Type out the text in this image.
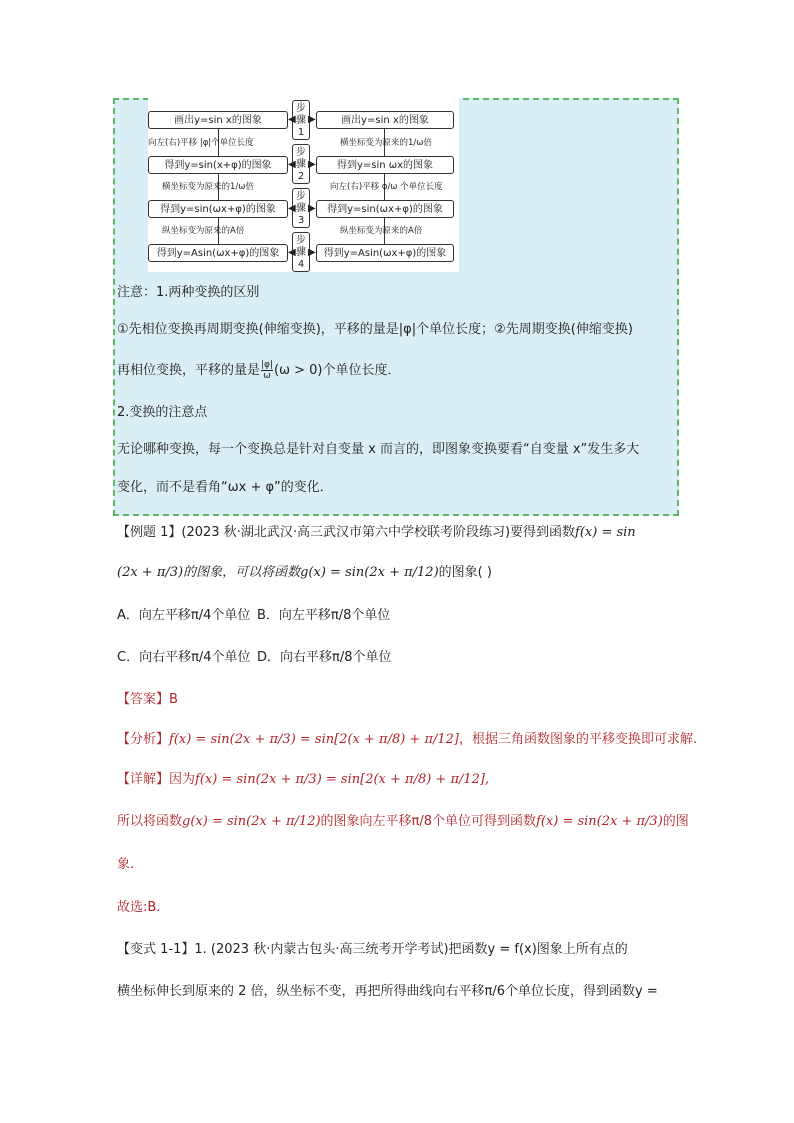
画出y=sin x的图象
得到y=sin(x+φ)的图象
得到y=sin(ωx+φ)的图象
得到y=Asin(ωx+φ)的图象
画出y=sin x的图象
得到y=sin ωx的图象
得到y=sin(ωx+φ)的图象
得到y=Asin(ωx+φ)的图象
向左(右)平移 |φ|个单位长度
横坐标变为原来的1/ω倍
纵坐标变为原来的A倍
横坐标变为原来的1/ω倍
向左(右)平移 φ/ω 个单位长度
纵坐标变为原来的A倍
步骤1
步骤2
步骤3
步骤4
◀ ▶
◀ ▶
◀ ▶
◀ ▶
注意：1.两种变换的区别
①先相位变换再周期变换(伸缩变换)，平移的量是|φ|个单位长度；②先周期变换(伸缩变换)
再相位变换，平移的量是 $\frac{|\varphi|}{\omega} (\omega > 0)$个单位长度．
2.变换的注意点
无论哪种变换，每一个变换总是针对自变量 x 而言的，即图象变换要看“自变量 x”发生多大
变化，而不是看角“ωx + φ”的变化．
【例题 1】(2023 秋·湖北武汉·高三武汉市第六中学校联考阶段练习)要得到函数f(x) = sin
(2x + π/3)的图象，可以将函数g(x) = sin(2x + π/12)的图象( )
A．向左平移π/4个单位 B．向左平移π/8个单位
C．向右平移π/4个单位 D．向右平移π/8个单位
【答案】B
【分析】f(x) = sin(2x + π/3) = sin[2(x + π/8) + π/12]，根据三角函数图象的平移变换即可求解.
【详解】因为f(x) = sin(2x + π/3) = sin[2(x + π/8) + π/12],
所以将函数g(x) = sin(2x + π/12)的图象向左平移π/8个单位可得到函数f(x) = sin(2x + π/3)的图
象.
故选:B.
【变式 1-1】1. (2023 秋·内蒙古包头·高三统考开学考试)把函数y = f(x)图象上所有点的
横坐标伸长到原来的 2 倍，纵坐标不变，再把所得曲线向右平移π/6个单位长度，得到函数y =
